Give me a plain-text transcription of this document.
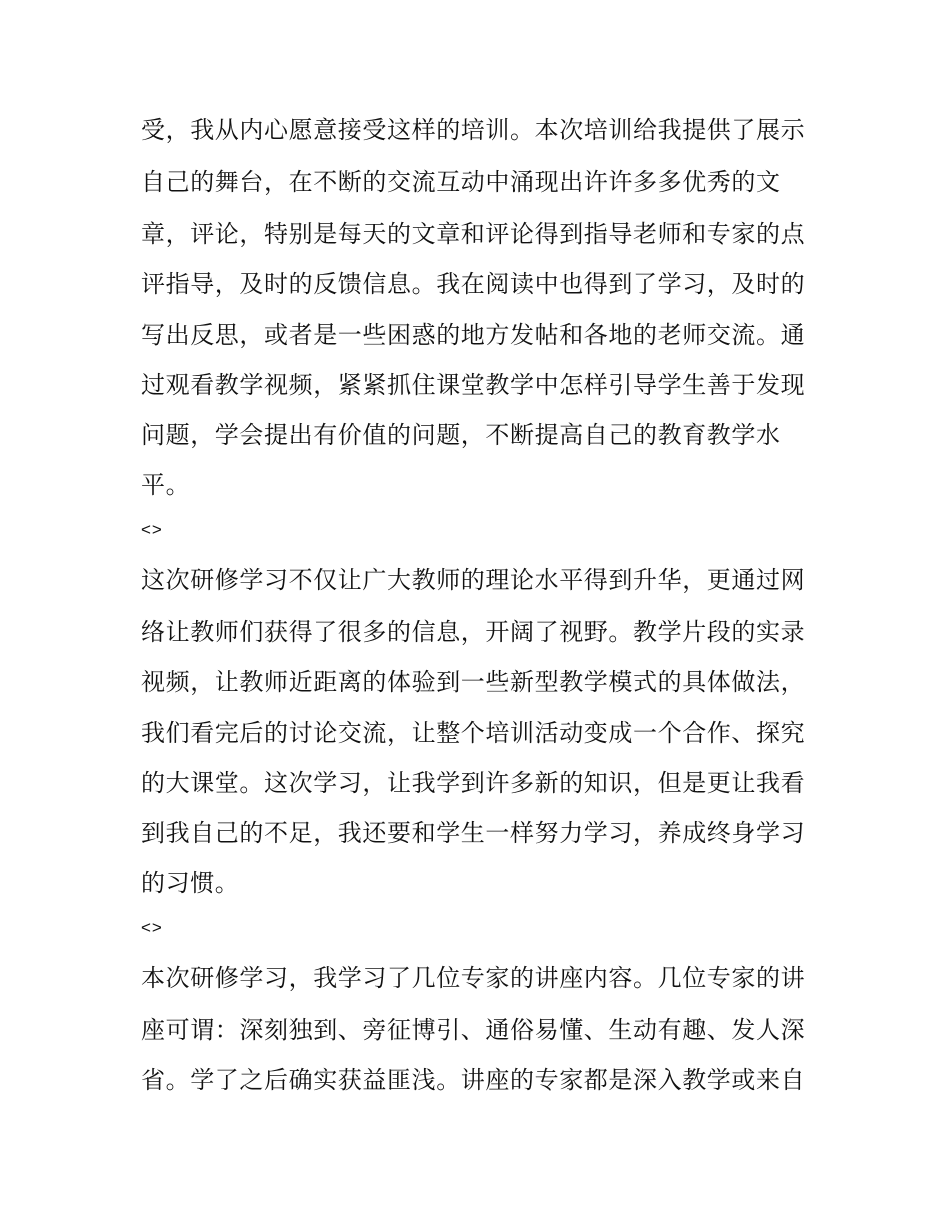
受，我从内心愿意接受这样的培训。本次培训给我提供了展示
自己的舞台，在不断的交流互动中涌现出许许多多优秀的文
章，评论，特别是每天的文章和评论得到指导老师和专家的点
评指导，及时的反馈信息。我在阅读中也得到了学习，及时的
写出反思，或者是一些困惑的地方发帖和各地的老师交流。通
过观看教学视频，紧紧抓住课堂教学中怎样引导学生善于发现
问题，学会提出有价值的问题，不断提高自己的教育教学水
平。
<>
这次研修学习不仅让广大教师的理论水平得到升华，更通过网
络让教师们获得了很多的信息，开阔了视野。教学片段的实录
视频，让教师近距离的体验到一些新型教学模式的具体做法，
我们看完后的讨论交流，让整个培训活动变成一个合作、探究
的大课堂。这次学习，让我学到许多新的知识，但是更让我看
到我自己的不足，我还要和学生一样努力学习，养成终身学习
的习惯。
<>
本次研修学习，我学习了几位专家的讲座内容。几位专家的讲
座可谓：深刻独到、旁征博引、通俗易懂、生动有趣、发人深
省。学了之后确实获益匪浅。讲座的专家都是深入教学或来自
